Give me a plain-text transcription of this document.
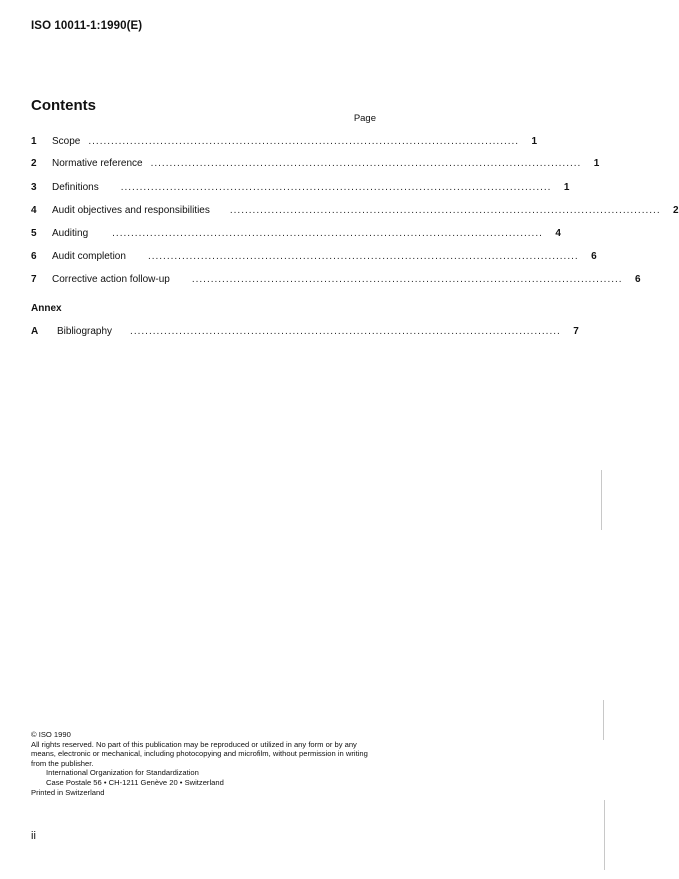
ISO 10011-1:1990(E)
Contents
Page
1	Scope ..................................................................................................................	1
2	Normative reference ..................................................................................................................	1
3	Definitions ..................................................................................................................	1
4	Audit objectives and responsibilities ..................................................................................................................	2
5	Auditing ..................................................................................................................	4
6	Audit completion ..................................................................................................................	6
7	Corrective action follow-up ..................................................................................................................	6
A	Bibliography ..................................................................................................................	7
Annex
© ISO 1990
All rights reserved. No part of this publication may be reproduced or utilized in any form or by any means, electronic or mechanical, including photocopying and microfilm, without permission in writing from the publisher.
International Organization for Standardization
Case Postale 56 • CH-1211 Genève 20 • Switzerland
Printed in Switzerland
ii
